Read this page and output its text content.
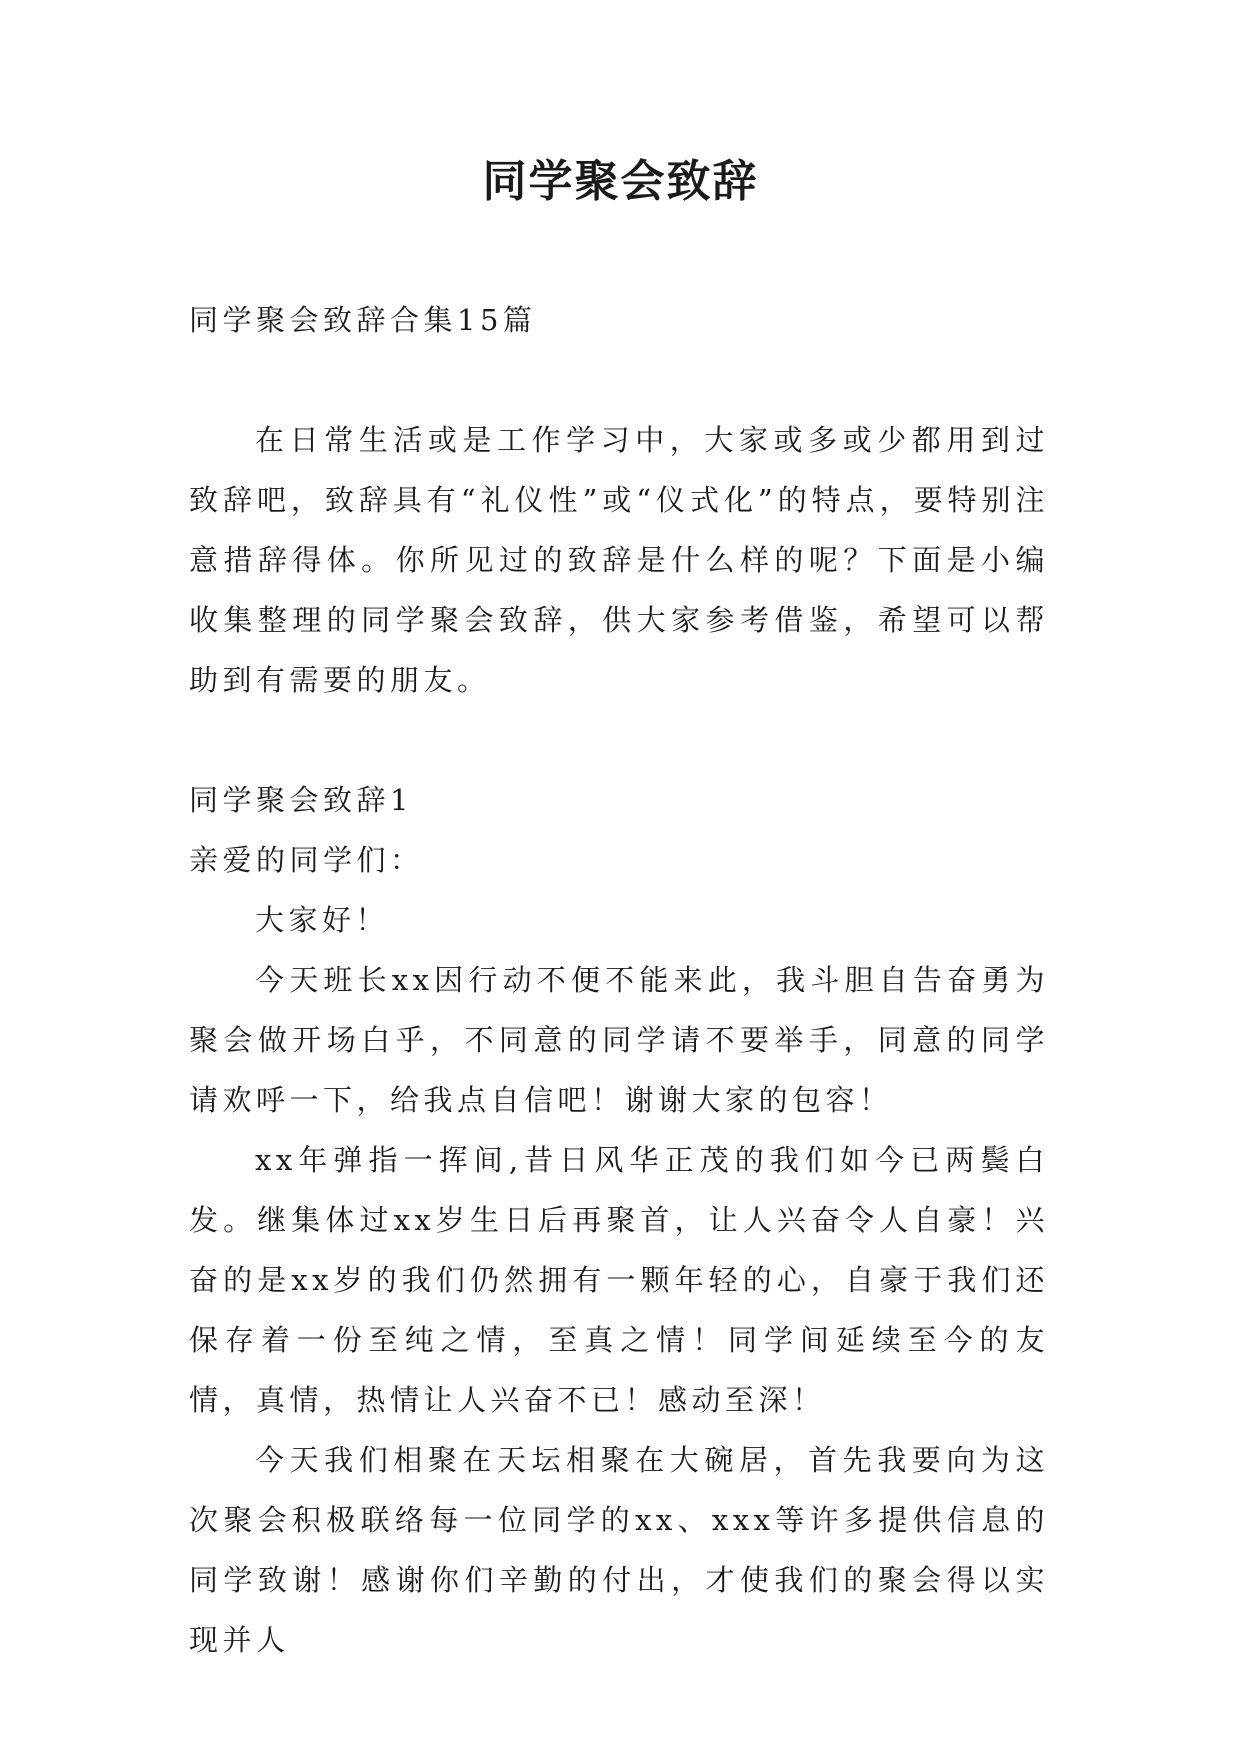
同学聚会致辞

同学聚会致辞合集15篇

在日常生活或是工作学习中，大家或多或少都用到过致辞吧，致辞具有“礼仪性”或“仪式化”的特点，要特别注意措辞得体。你所见过的致辞是什么样的呢？下面是小编收集整理的同学聚会致辞，供大家参考借鉴，希望可以帮助到有需要的朋友。

同学聚会致辞1

亲爱的同学们：

大家好！

今天班长xx因行动不便不能来此，我斗胆自告奋勇为聚会做开场白乎，不同意的同学请不要举手，同意的同学请欢呼一下，给我点自信吧！谢谢大家的包容！

xx年弹指一挥间,昔日风华正茂的我们如今已两鬓白发。继集体过xx岁生日后再聚首，让人兴奋令人自豪！兴奋的是xx岁的我们仍然拥有一颗年轻的心，自豪于我们还保存着一份至纯之情，至真之情！同学间延续至今的友情，真情，热情让人兴奋不已！感动至深！

今天我们相聚在天坛相聚在大碗居，首先我要向为这次聚会积极联络每一位同学的xx、xxx等许多提供信息的同学致谢！感谢你们辛勤的付出，才使我们的聚会得以实现并人
